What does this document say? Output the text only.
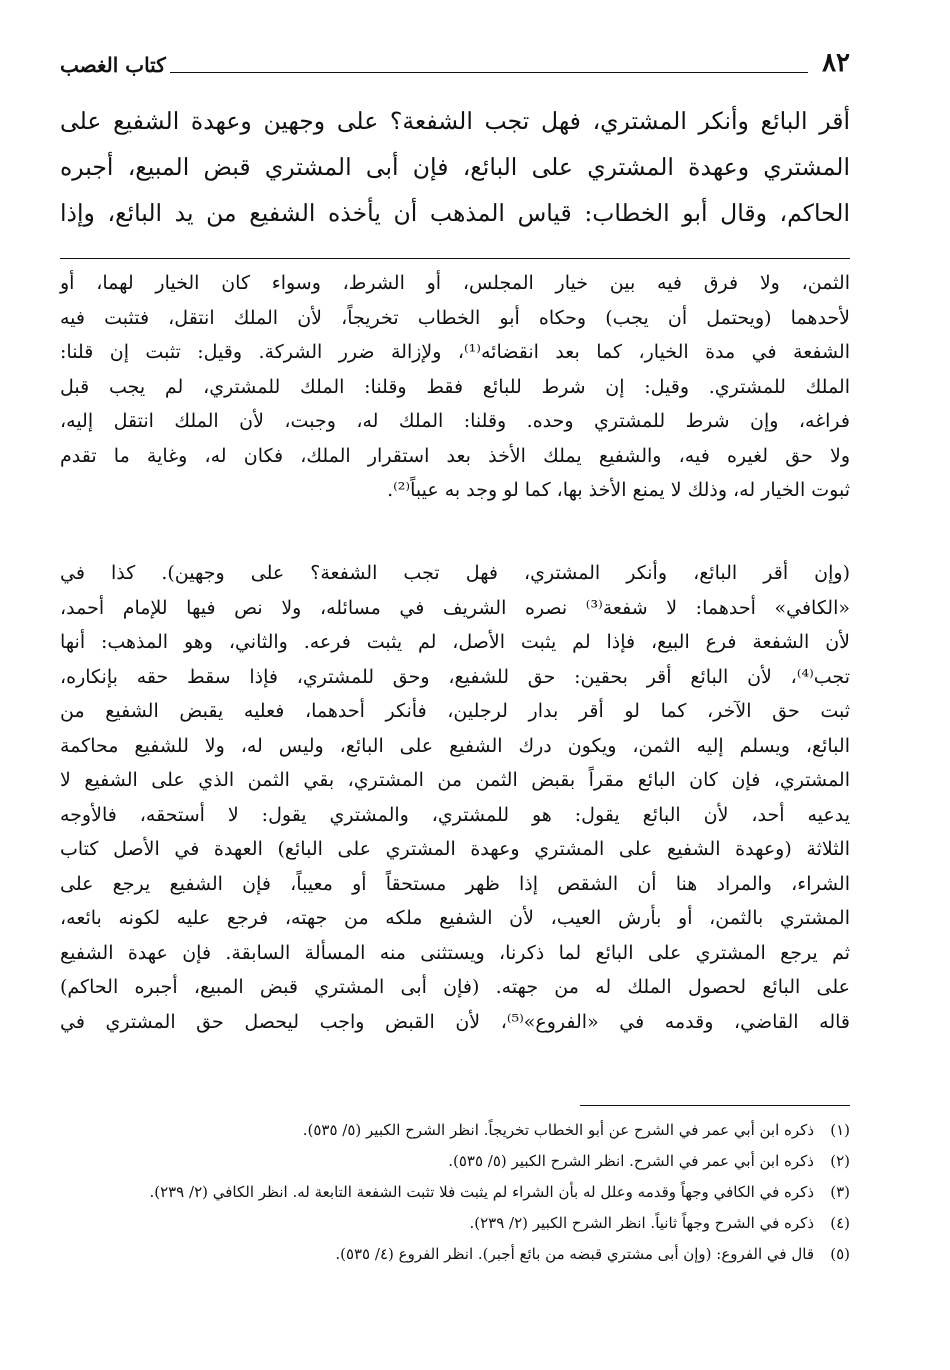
٨٢
كتاب الغصب
أقر البائع وأنكر المشتري، فهل تجب الشفعة؟ على وجهين وعهدة الشفيع على
المشتري وعهدة المشتري على البائع، فإن أبى المشتري قبض المبيع، أجبره
الحاكم، وقال أبو الخطاب: قياس المذهب أن يأخذه الشفيع من يد البائع، وإذا
الثمن، ولا فرق فيه بين خيار المجلس، أو الشرط، وسواء كان الخيار لهما، أو
لأحدهما (ويحتمل أن يجب) وحكاه أبو الخطاب تخريجاً، لأن الملك انتقل، فتثبت فيه
الشفعة في مدة الخيار، كما بعد انقضائه⁽¹⁾، ولإزالة ضرر الشركة. وقيل: تثبت إن قلنا:
الملك للمشتري. وقيل: إن شرط للبائع فقط وقلنا: الملك للمشتري، لم يجب قبل
فراغه، وإن شرط للمشتري وحده. وقلنا: الملك له، وجبت، لأن الملك انتقل إليه،
ولا حق لغيره فيه، والشفيع يملك الأخذ بعد استقرار الملك، فكان له، وغاية ما تقدم
ثبوت الخيار له، وذلك لا يمنع الأخذ بها، كما لو وجد به عيباً⁽²⁾.
(وإن أقر البائع، وأنكر المشتري، فهل تجب الشفعة؟ على وجهين). كذا في
«الكافي» أحدهما: لا شفعة⁽³⁾ نصره الشريف في مسائله، ولا نص فيها للإمام أحمد،
لأن الشفعة فرع البيع، فإذا لم يثبت الأصل، لم يثبت فرعه. والثاني، وهو المذهب: أنها
تجب⁽⁴⁾، لأن البائع أقر بحقين: حق للشفيع، وحق للمشتري، فإذا سقط حقه بإنكاره،
ثبت حق الآخر، كما لو أقر بدار لرجلين، فأنكر أحدهما، فعليه يقبض الشفيع من
البائع، ويسلم إليه الثمن، ويكون درك الشفيع على البائع، وليس له، ولا للشفيع محاكمة
المشتري، فإن كان البائع مقراً بقبض الثمن من المشتري، بقي الثمن الذي على الشفيع لا
يدعيه أحد، لأن البائع يقول: هو للمشتري، والمشتري يقول: لا أستحقه، فالأوجه
الثلاثة (وعهدة الشفيع على المشتري وعهدة المشتري على البائع) العهدة في الأصل كتاب
الشراء، والمراد هنا أن الشقص إذا ظهر مستحقاً أو معيباً، فإن الشفيع يرجع على
المشتري بالثمن، أو بأرش العيب، لأن الشفيع ملكه من جهته، فرجع عليه لكونه بائعه،
ثم يرجع المشتري على البائع لما ذكرنا، ويستثنى منه المسألة السابقة. فإن عهدة الشفيع
على البائع لحصول الملك له من جهته. (فإن أبى المشتري قبض المبيع، أجبره الحاكم)
قاله القاضي، وقدمه في «الفروع»⁽⁵⁾، لأن القبض واجب ليحصل حق المشتري في
(١)
ذكره ابن أبي عمر في الشرح عن أبو الخطاب تخريجاً. انظر الشرح الكبير (٥/ ٥٣٥).
(٢)
ذكره ابن أبي عمر في الشرح. انظر الشرح الكبير (٥/ ٥٣٥).
(٣)
ذكره في الكافي وجهاً وقدمه وعلل له بأن الشراء لم يثبت فلا تثبت الشفعة التابعة له. انظر الكافي (٢/ ٢٣٩).
(٤)
ذكره في الشرح وجهاً ثانياً. انظر الشرح الكبير (٢/ ٢٣٩).
(٥)
قال في الفروع: (وإن أبى مشتري قبضه من بائع أجبر). انظر الفروع (٤/ ٥٣٥).
